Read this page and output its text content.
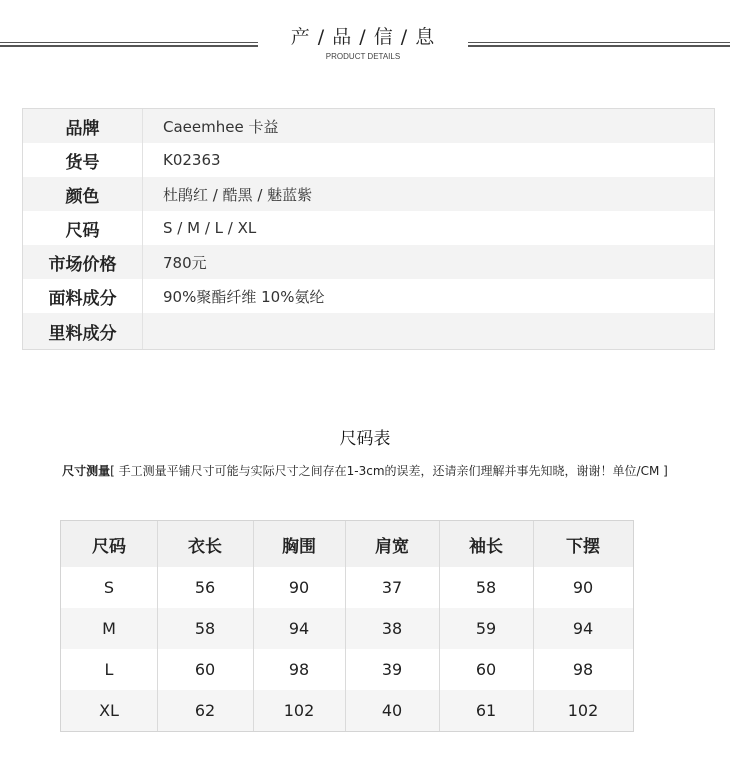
产 / 品 / 信 / 息
PRODUCT DETAILS
品牌	Caeemhee 卡益
货号	K02363
颜色	杜鹃红 / 酷黑 / 魅蓝紫
尺码	S / M / L / XL
市场价格	780元
面料成分	90%聚酯纤维 10%氨纶
里料成分
尺码表
尺寸测量[ 手工测量平铺尺寸可能与实际尺寸之间存在1-3cm的误差，还请亲们理解并事先知晓，谢谢！单位/CM ]
尺码	衣长	胸围	肩宽	袖长	下摆
S	56	90	37	58	90
M	58	94	38	59	94
L	60	98	39	60	98
XL	62	102	40	61	102
